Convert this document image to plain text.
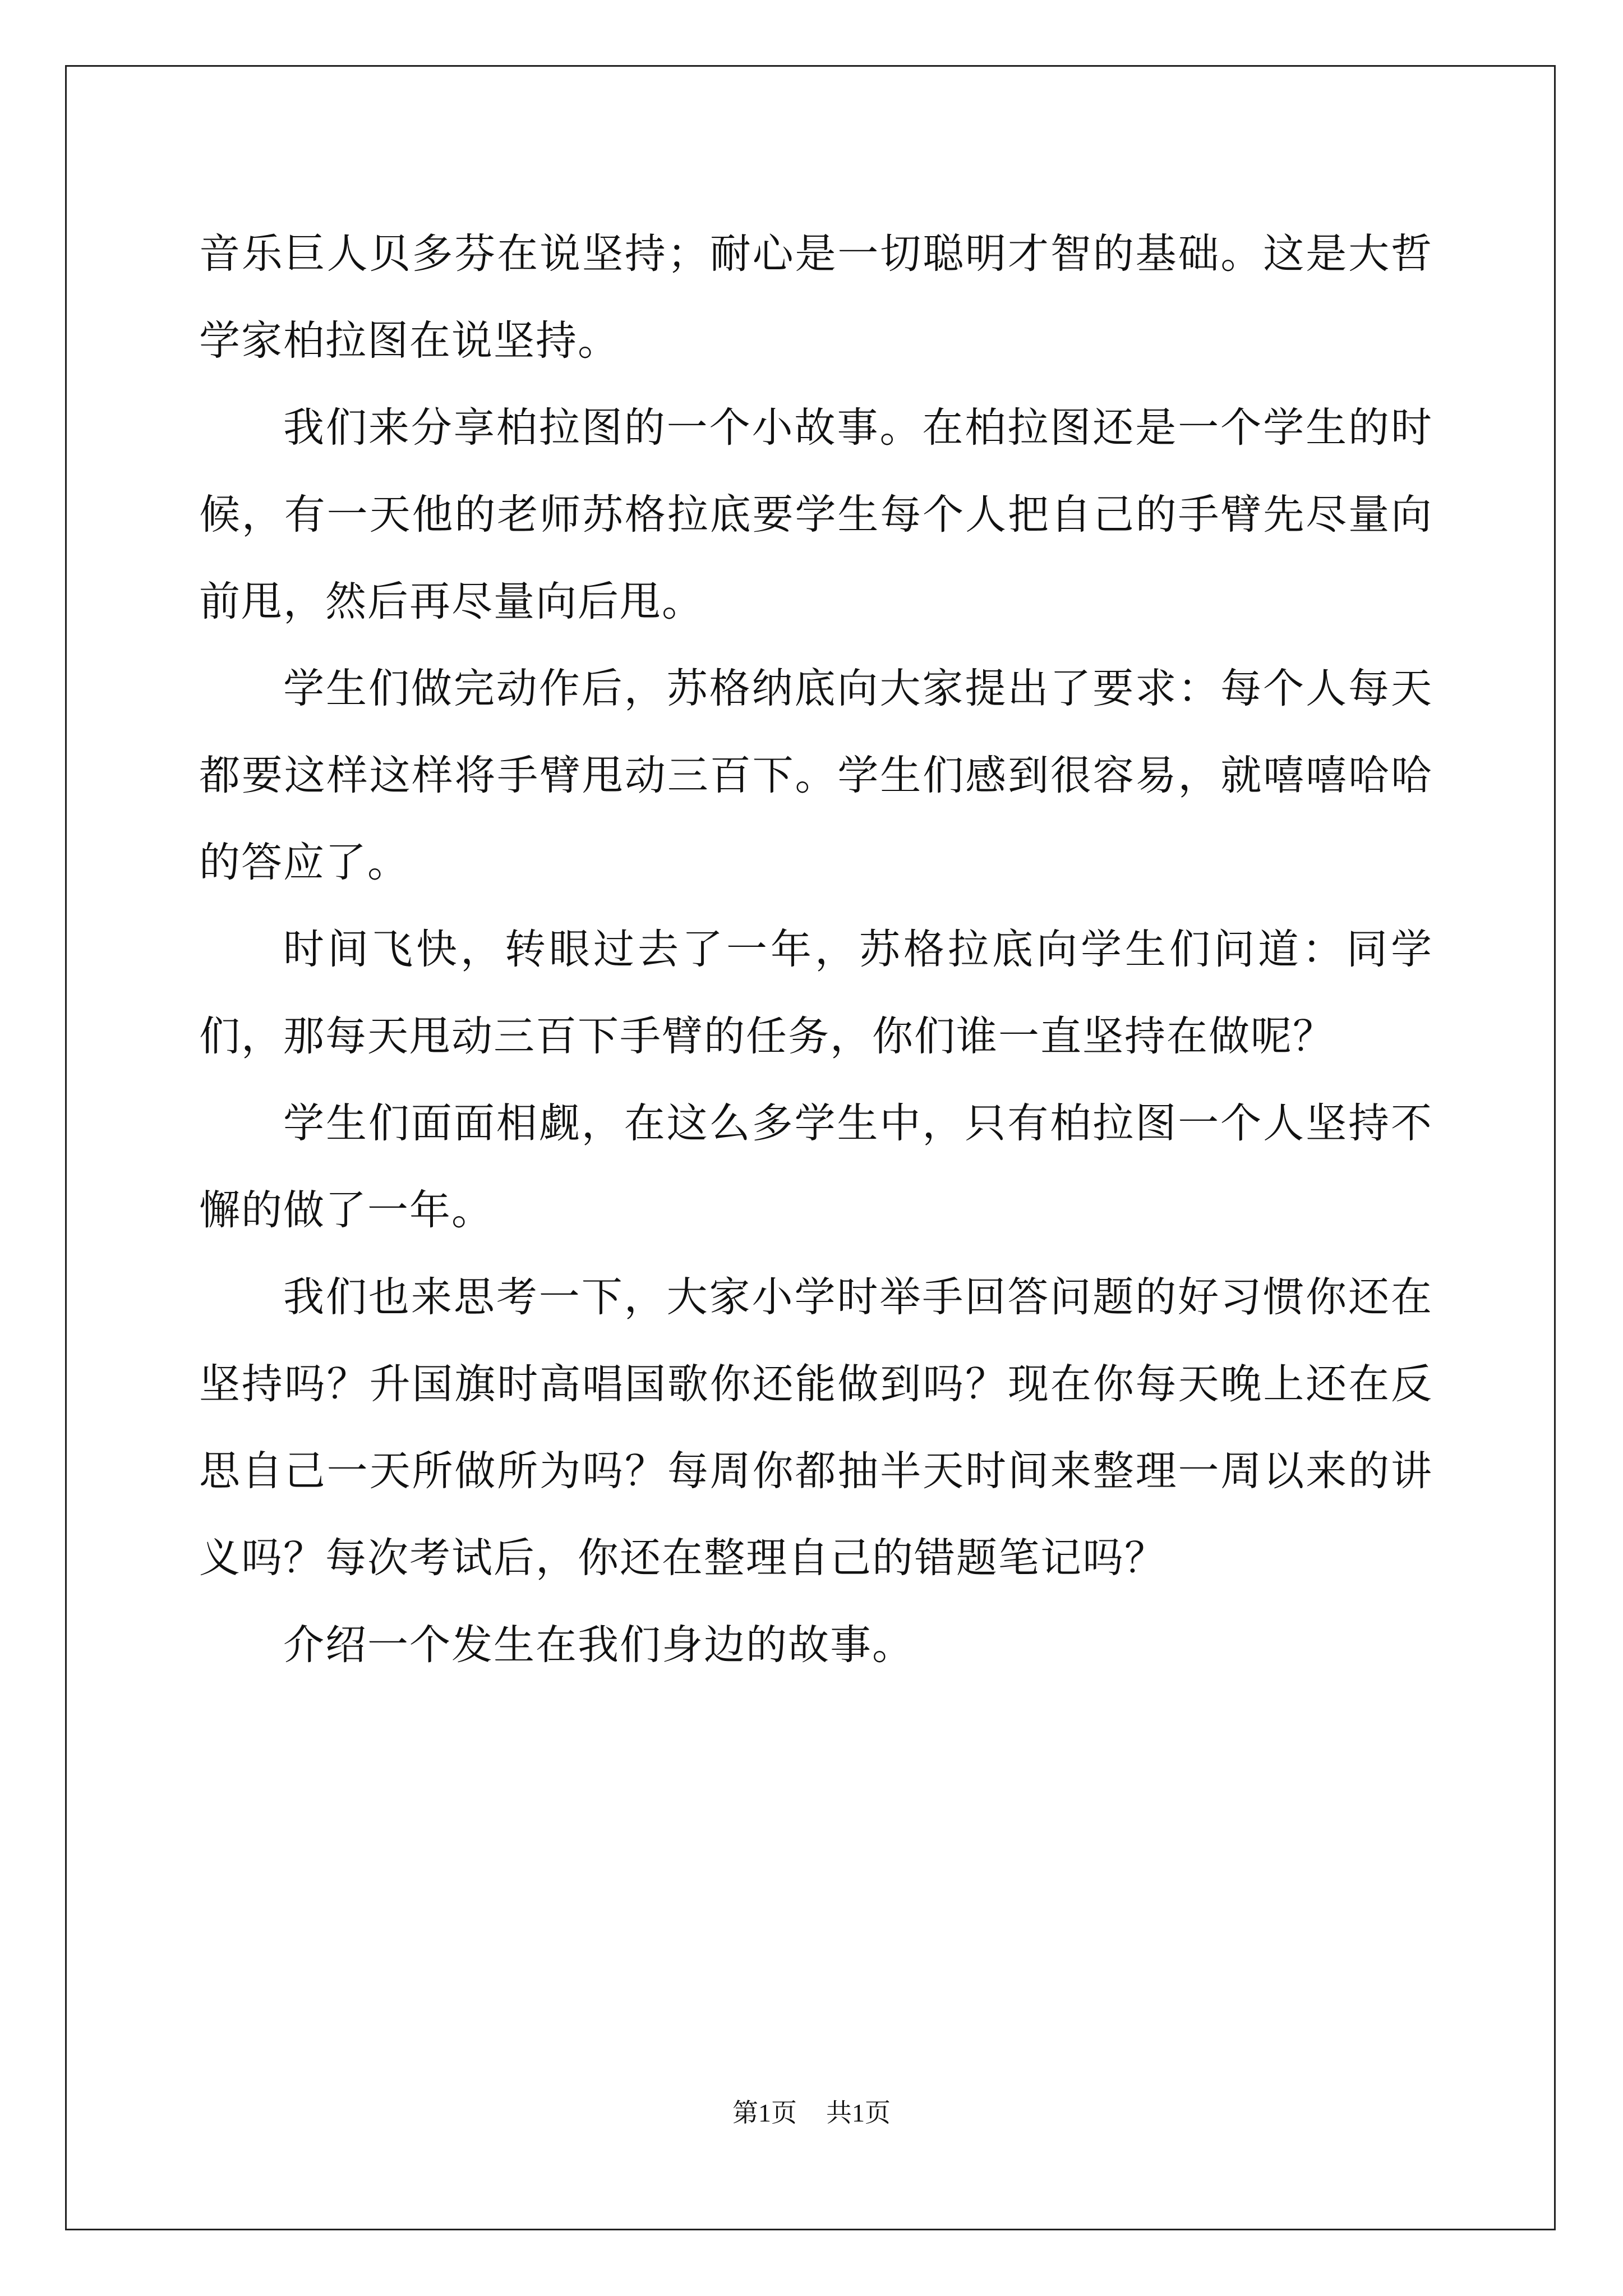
音乐巨人贝多芬在说坚持；耐心是一切聪明才智的基础。这是大哲学家柏拉图在说坚持。

我们来分享柏拉图的一个小故事。在柏拉图还是一个学生的时候，有一天他的老师苏格拉底要学生每个人把自己的手臂先尽量向前甩，然后再尽量向后甩。

学生们做完动作后，苏格纳底向大家提出了要求：每个人每天都要这样这样将手臂甩动三百下。学生们感到很容易，就嘻嘻哈哈的答应了。

时间飞快，转眼过去了一年，苏格拉底向学生们问道：同学们，那每天甩动三百下手臂的任务，你们谁一直坚持在做呢？

学生们面面相觑，在这么多学生中，只有柏拉图一个人坚持不懈的做了一年。

我们也来思考一下，大家小学时举手回答问题的好习惯你还在坚持吗？升国旗时高唱国歌你还能做到吗？现在你每天晚上还在反思自己一天所做所为吗？每周你都抽半天时间来整理一周以来的讲义吗？每次考试后，你还在整理自己的错题笔记吗？

介绍一个发生在我们身边的故事。

第1页 共1页
